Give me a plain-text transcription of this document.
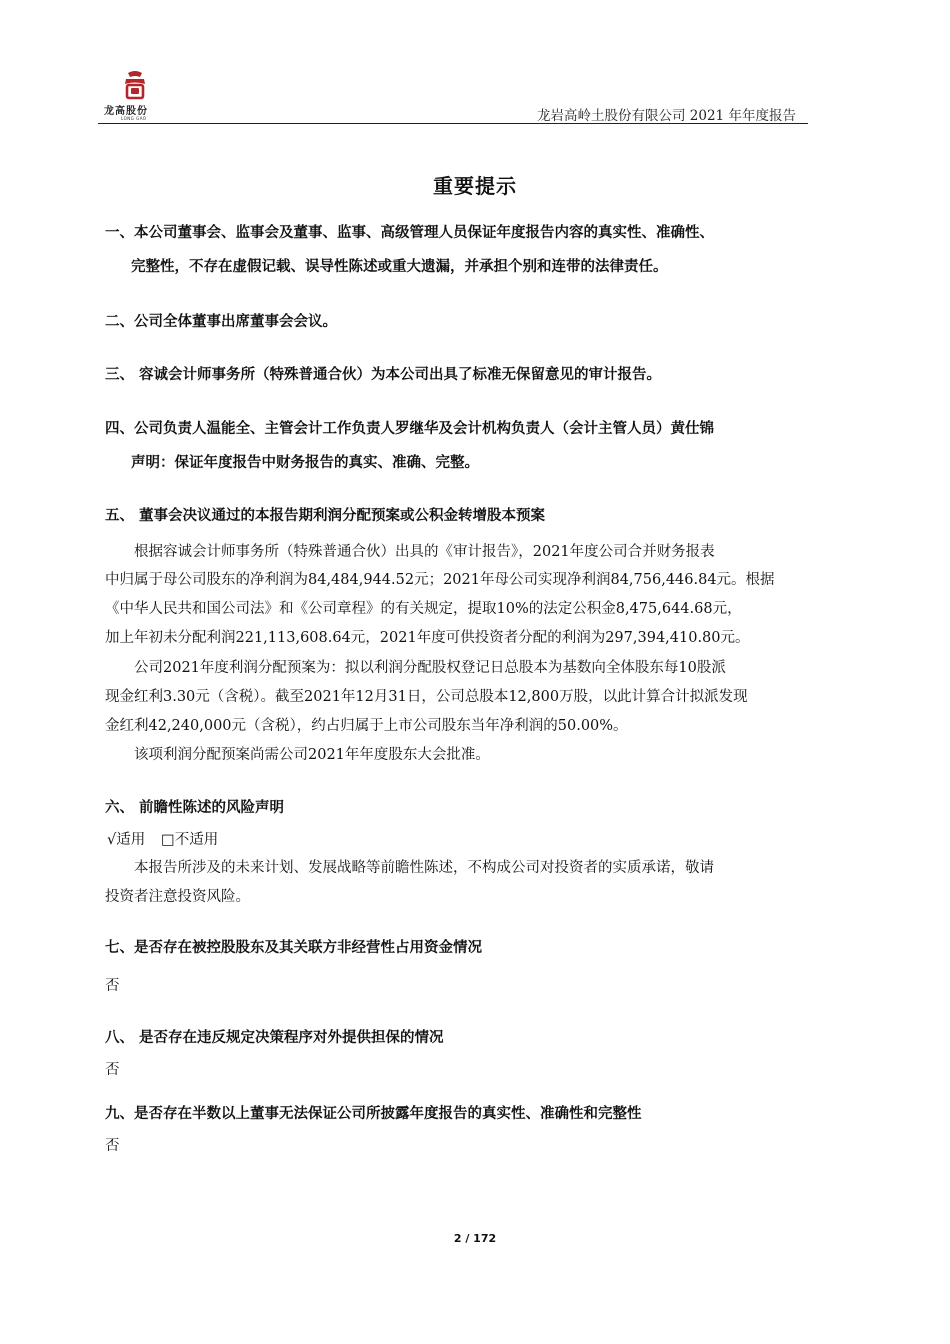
龙高股份
LONG GAO	龙岩高岭土股份有限公司 2021 年年度报告
重要提示
一、本公司董事会、监事会及董事、监事、高级管理人员保证年度报告内容的真实性、准确性、
完整性，不存在虚假记载、误导性陈述或重大遗漏，并承担个别和连带的法律责任。
二、公司全体董事出席董事会会议。
三、 容诚会计师事务所（特殊普通合伙）为本公司出具了标准无保留意见的审计报告。
四、公司负责人温能全、主管会计工作负责人罗继华及会计机构负责人（会计主管人员）黄仕锦
声明：保证年度报告中财务报告的真实、准确、完整。
五、 董事会决议通过的本报告期利润分配预案或公积金转增股本预案
根据容诚会计师事务所（特殊普通合伙）出具的《审计报告》，2021年度公司合并财务报表
中归属于母公司股东的净利润为84,484,944.52元；2021年母公司实现净利润84,756,446.84元。根据
《中华人民共和国公司法》和《公司章程》的有关规定，提取10%的法定公积金8,475,644.68元，
加上年初未分配利润221,113,608.64元，2021年度可供投资者分配的利润为297,394,410.80元。
公司2021年度利润分配预案为：拟以利润分配股权登记日总股本为基数向全体股东每10股派
现金红利3.30元（含税）。截至2021年12月31日，公司总股本12,800万股，以此计算合计拟派发现
金红利42,240,000元（含税），约占归属于上市公司股东当年净利润的50.00%。
该项利润分配预案尚需公司2021年年度股东大会批准。
六、 前瞻性陈述的风险声明
√适用 □不适用
本报告所涉及的未来计划、发展战略等前瞻性陈述，不构成公司对投资者的实质承诺，敬请
投资者注意投资风险。
七、是否存在被控股股东及其关联方非经营性占用资金情况
否
八、 是否存在违反规定决策程序对外提供担保的情况
否
九、是否存在半数以上董事无法保证公司所披露年度报告的真实性、准确性和完整性
否
2 / 172
